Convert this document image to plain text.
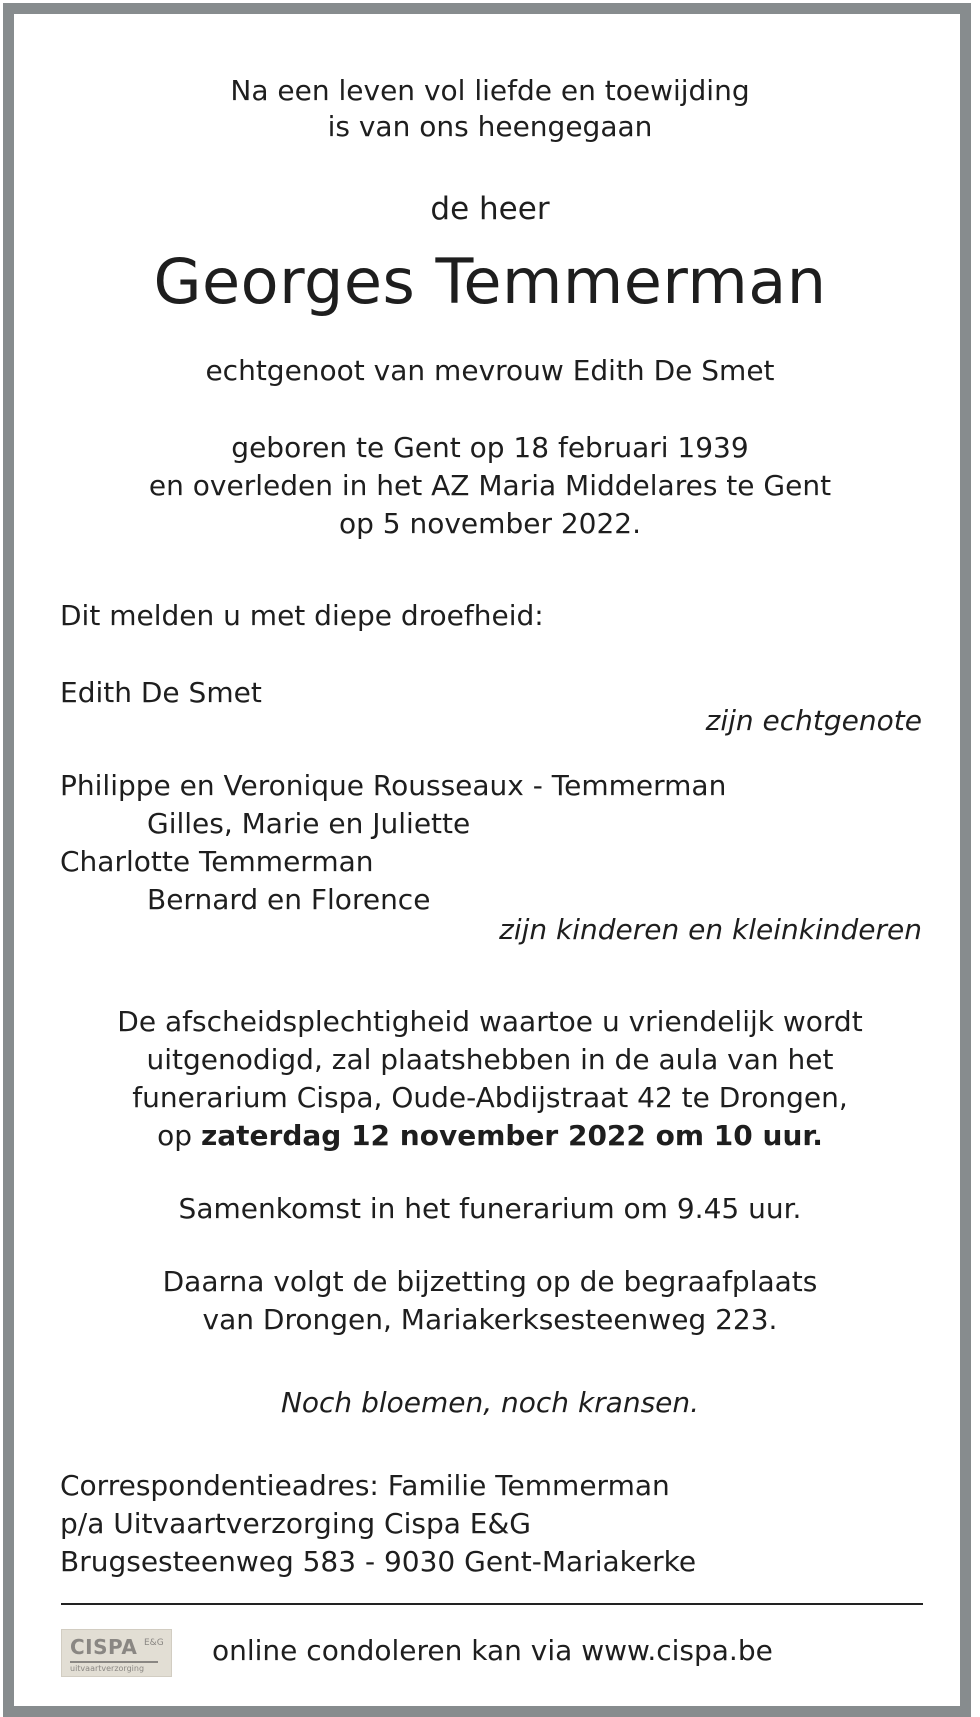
Na een leven vol liefde en toewijding
is van ons heengegaan
de heer
Georges Temmerman
echtgenoot van mevrouw Edith De Smet
geboren te Gent op 18 februari 1939
en overleden in het AZ Maria Middelares te Gent
op 5 november 2022.
Dit melden u met diepe droefheid:
Edith De Smet
zijn echtgenote
Philippe en Veronique Rousseaux - Temmerman
Gilles, Marie en Juliette
Charlotte Temmerman
Bernard en Florence
zijn kinderen en kleinkinderen
De afscheidsplechtigheid waartoe u vriendelijk wordt
uitgenodigd, zal plaatshebben in de aula van het
funerarium Cispa, Oude-Abdijstraat 42 te Drongen,
op zaterdag 12 november 2022 om 10 uur.
Samenkomst in het funerarium om 9.45 uur.
Daarna volgt de bijzetting op de begraafplaats
van Drongen, Mariakerksesteenweg 223.
Noch bloemen, noch kransen.
Correspondentieadres: Familie Temmerman
p/a Uitvaartverzorging Cispa E&G
Brugsesteenweg 583 - 9030 Gent-Mariakerke
CISPA E&G
uitvaartverzorging
online condoleren kan via www.cispa.be
